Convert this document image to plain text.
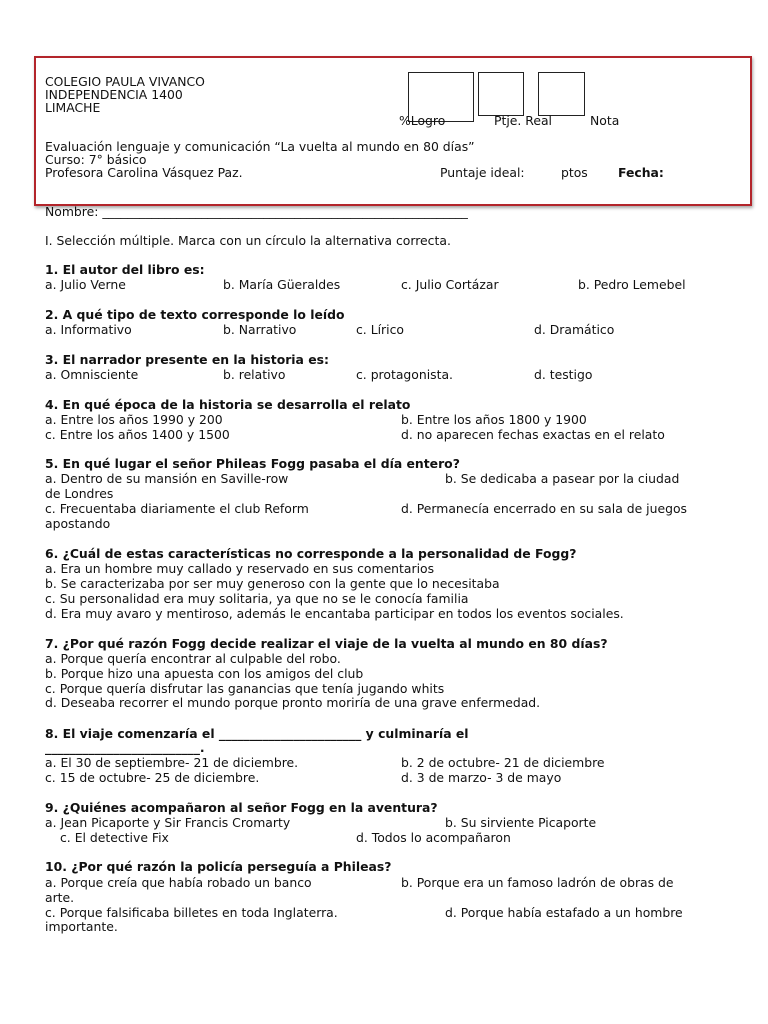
COLEGIO PAULA VIVANCO
INDEPENDENCIA 1400
LIMACHE
%Logro	Ptje. Real	Nota
Evaluación lenguaje y comunicación “La vuelta al mundo en 80 días”
Curso: 7° básico
Profesora Carolina Vásquez Paz.	Puntaje ideal:	ptos Fecha:
Nombre: ___________________________________________________________
I. Selección múltiple. Marca con un círculo la alternativa correcta.
1. El autor del libro es:
a. Julio Verne	b. María Güeraldes	c. Julio Cortázar	b. Pedro Lemebel
2. A qué tipo de texto corresponde lo leído
a. Informativo	b. Narrativo	c. Lírico	d. Dramático
3. El narrador presente en la historia es:
a. Omnisciente	b. relativo	c. protagonista.	d. testigo
4. En qué época de la historia se desarrolla el relato
a. Entre los años 1990 y 200	b. Entre los años 1800 y 1900
c. Entre los años 1400 y 1500	d. no aparecen fechas exactas en el relato
5. En qué lugar el señor Phileas Fogg pasaba el día entero?
a. Dentro de su mansión en Saville-row	b. Se dedicaba a pasear por la ciudad
de Londres
c. Frecuentaba diariamente el club Reform	d. Permanecía encerrado en su sala de juegos
apostando
6. ¿Cuál de estas características no corresponde a la personalidad de Fogg?
a. Era un hombre muy callado y reservado en sus comentarios
b. Se caracterizaba por ser muy generoso con la gente que lo necesitaba
c. Su personalidad era muy solitaria, ya que no se le conocía familia
d. Era muy avaro y mentiroso, además le encantaba participar en todos los eventos sociales.
7. ¿Por qué razón Fogg decide realizar el viaje de la vuelta al mundo en 80 días?
a. Porque quería encontrar al culpable del robo.
b. Porque hizo una apuesta con los amigos del club
c. Porque quería disfrutar las ganancias que tenía jugando whits
d. Deseaba recorrer el mundo porque pronto moriría de una grave enfermedad.
8. El viaje comenzaría el _______________________ y culminaría el
_________________________.
a. El 30 de septiembre- 21 de diciembre.	b. 2 de octubre- 21 de diciembre
c. 15 de octubre- 25 de diciembre.	d. 3 de marzo- 3 de mayo
9. ¿Quiénes acompañaron al señor Fogg en la aventura?
a. Jean Picaporte y Sir Francis Cromarty	b. Su sirviente Picaporte
c. El detective Fix	d. Todos lo acompañaron
10. ¿Por qué razón la policía perseguía a Phileas?
a. Porque creía que había robado un banco	b. Porque era un famoso ladrón de obras de
arte.
c. Porque falsificaba billetes en toda Inglaterra.	d. Porque había estafado a un hombre
importante.
